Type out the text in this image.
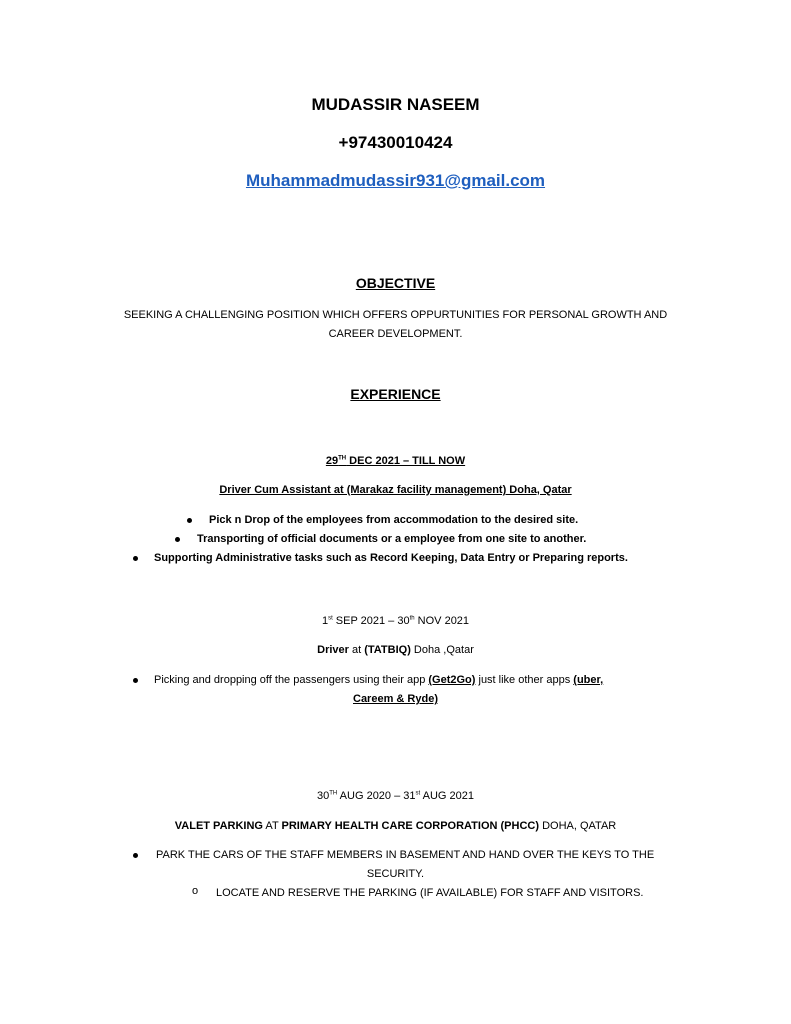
MUDASSIR NASEEM
+97430010424
Muhammadmudassir931@gmail.com
OBJECTIVE
SEEKING A CHALLENGING POSITION WHICH OFFERS OPPURTUNITIES FOR PERSONAL GROWTH AND
CAREER DEVELOPMENT.
EXPERIENCE
29TH DEC 2021 – TILL NOW
Driver Cum Assistant at (Marakaz facility management) Doha, Qatar
Pick n Drop of the employees from accommodation to the desired site.
Transporting of official documents or a employee from one site to another.
Supporting Administrative tasks such as Record Keeping, Data Entry or Preparing reports.
1st SEP 2021 – 30th NOV 2021
Driver at (TATBIQ) Doha ,Qatar
Picking and dropping off the passengers using their app (Get2Go) just like other apps (uber,
Careem & Ryde)
30TH AUG 2020 – 31st AUG 2021
VALET PARKING AT PRIMARY HEALTH CARE CORPORATION (PHCC) DOHA, QATAR
PARK THE CARS OF THE STAFF MEMBERS IN BASEMENT AND HAND OVER THE KEYS TO THE
SECURITY.
o LOCATE AND RESERVE THE PARKING (IF AVAILABLE) FOR STAFF AND VISITORS.
